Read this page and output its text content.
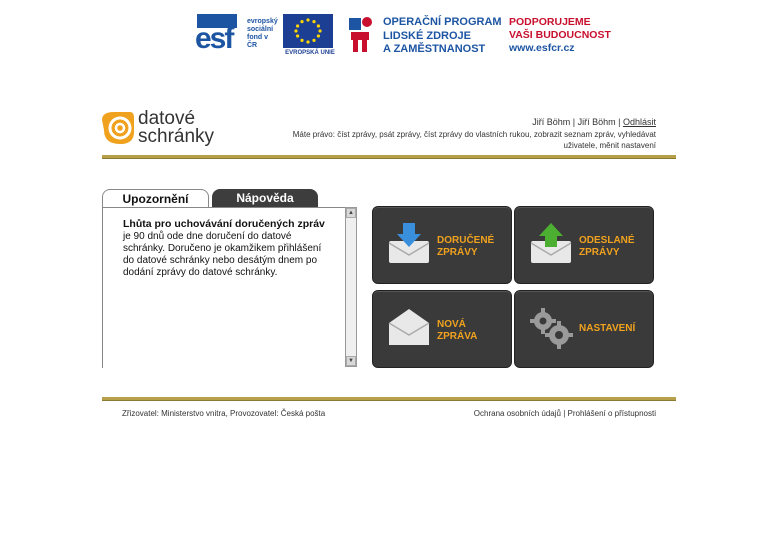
esf
evropský
sociální
fond v ČR
EVROPSKÁ UNIE
OPERAČNÍ PROGRAM
LIDSKÉ ZDROJE
A ZAMĚSTNANOST
PODPORUJEME
VAŠI BUDOUCNOST
www.esfcr.cz
datové
schránky
Jiří Böhm | Jiří Böhm | Odhlásit
Máte právo: číst zprávy, psát zprávy, číst zprávy do vlastních rukou, zobrazit seznam zpráv, vyhledávat uživatele, měnit nastavení
Upozornění	Nápověda
Lhůta pro uchovávání doručených zpráv
je 90 dnů ode dne doručení do datové schránky. Doručeno je okamžikem přihlášení do datové schránky nebo desátým dnem po dodání zprávy do datové schránky.
▲
▼
DORUČENÉ
ZPRÁVY
ODESLANÉ
ZPRÁVY
NOVÁ
ZPRÁVA
NASTAVENÍ
Zřizovatel: Ministerstvo vnitra, Provozovatel: Česká pošta	Ochrana osobních údajů | Prohlášení o přístupnosti
